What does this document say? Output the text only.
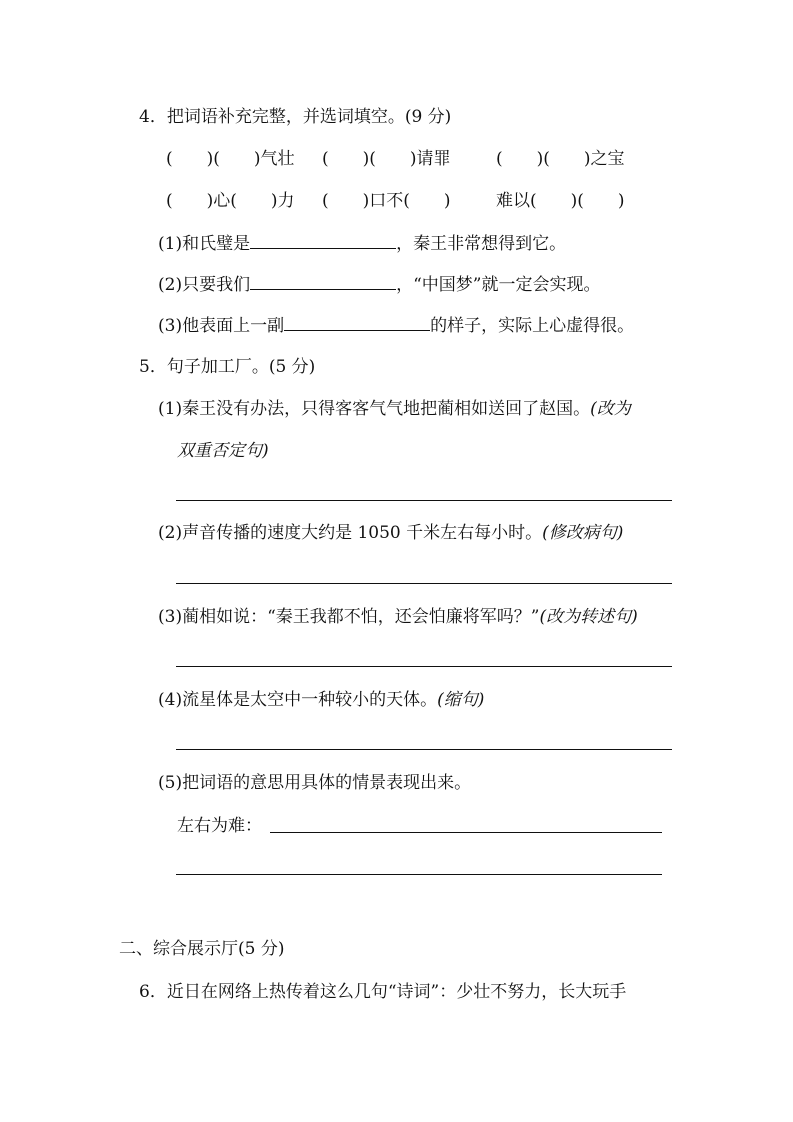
4．把词语补充完整，并选词填空。(9 分)
(　　)(　　)气壮 (　　)(　　)请罪	(　　)(　　)之宝
(　　)心(　　)力 (　　)口不(　　)	难以(　　)(　　)
(1)和氏璧是	，秦王非常想得到它。
(2)只要我们	，“中国梦”就一定会实现。
(3)他表面上一副	的样子，实际上心虚得很。
5．句子加工厂。(5 分)
(1)秦王没有办法，只得客客气气地把蔺相如送回了赵国。(改为
双重否定句)
(2)声音传播的速度大约是 1050 千米左右每小时。(修改病句)
(3)蔺相如说：“秦王我都不怕，还会怕廉将军吗？”(改为转述句)
(4)流星体是太空中一种较小的天体。(缩句)
(5)把词语的意思用具体的情景表现出来。
左右为难：
二、综合展示厅(5 分)
6．近日在网络上热传着这么几句“诗词”：少壮不努力，长大玩手
